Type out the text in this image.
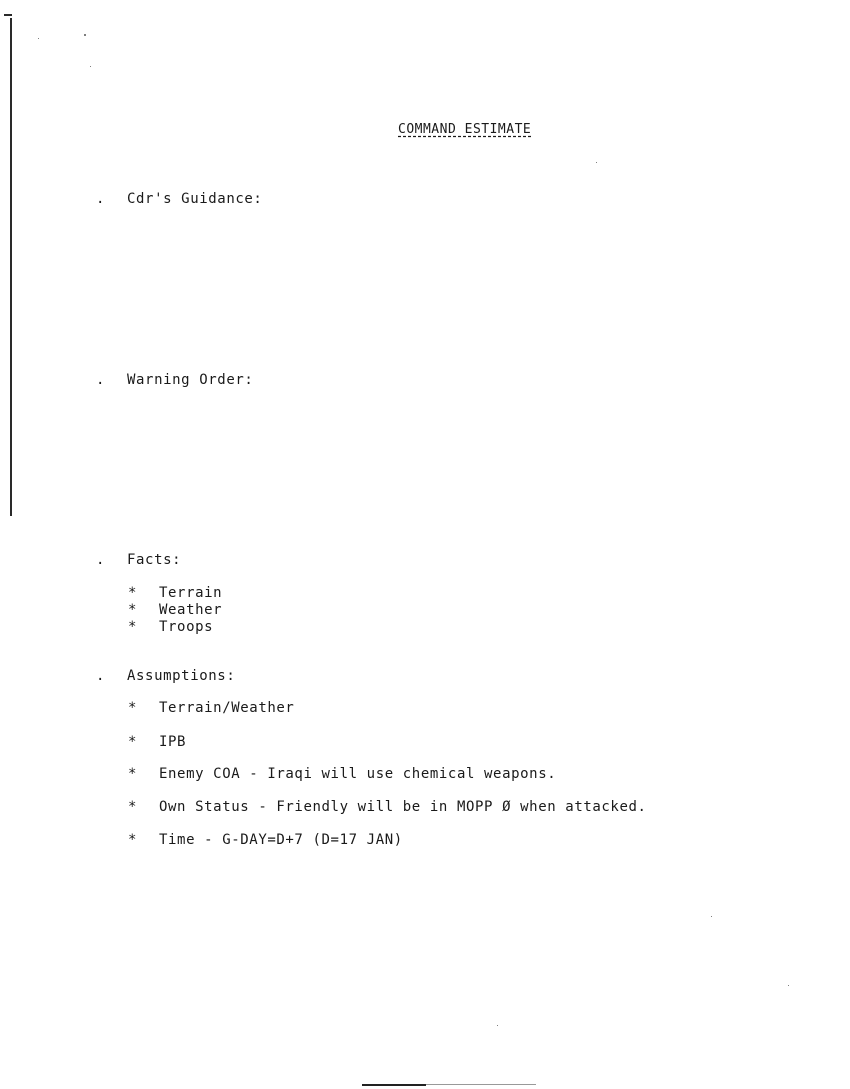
COMMAND ESTIMATE
. Cdr's Guidance:
. Warning Order:
. Facts:
* Terrain
* Weather
* Troops
. Assumptions:
* Terrain/Weather
* IPB
* Enemy COA - Iraqi will use chemical weapons.
* Own Status - Friendly will be in MOPP Ø when attacked.
* Time - G-DAY=D+7 (D=17 JAN)
